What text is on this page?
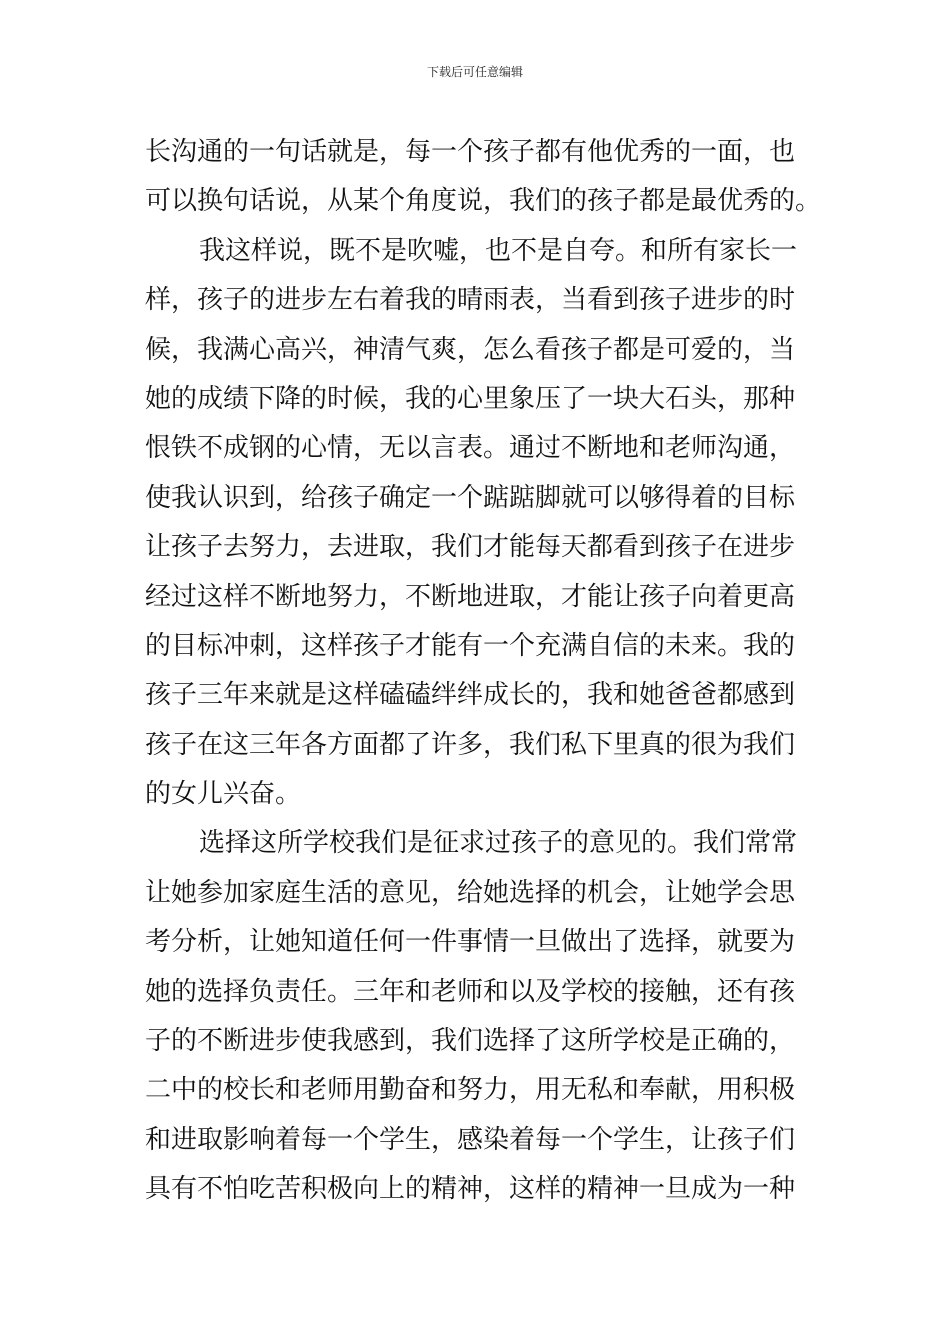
下载后可任意编辑
长沟通的一句话就是，每一个孩子都有他优秀的一面，也
可以换句话说，从某个角度说，我们的孩子都是最优秀的。
我这样说，既不是吹嘘，也不是自夸。和所有家长一
样，孩子的进步左右着我的晴雨表，当看到孩子进步的时
候，我满心高兴，神清气爽，怎么看孩子都是可爱的，当
她的成绩下降的时候，我的心里象压了一块大石头，那种
恨铁不成钢的心情，无以言表。通过不断地和老师沟通，
使我认识到，给孩子确定一个踮踮脚就可以够得着的目标
让孩子去努力，去进取，我们才能每天都看到孩子在进步
经过这样不断地努力，不断地进取，才能让孩子向着更高
的目标冲刺，这样孩子才能有一个充满自信的未来。我的
孩子三年来就是这样磕磕绊绊成长的，我和她爸爸都感到
孩子在这三年各方面都了许多，我们私下里真的很为我们
的女儿兴奋。
选择这所学校我们是征求过孩子的意见的。我们常常
让她参加家庭生活的意见，给她选择的机会，让她学会思
考分析，让她知道任何一件事情一旦做出了选择，就要为
她的选择负责任。三年和老师和以及学校的接触，还有孩
子的不断进步使我感到，我们选择了这所学校是正确的，
二中的校长和老师用勤奋和努力，用无私和奉献，用积极
和进取影响着每一个学生，感染着每一个学生，让孩子们
具有不怕吃苦积极向上的精神，这样的精神一旦成为一种
